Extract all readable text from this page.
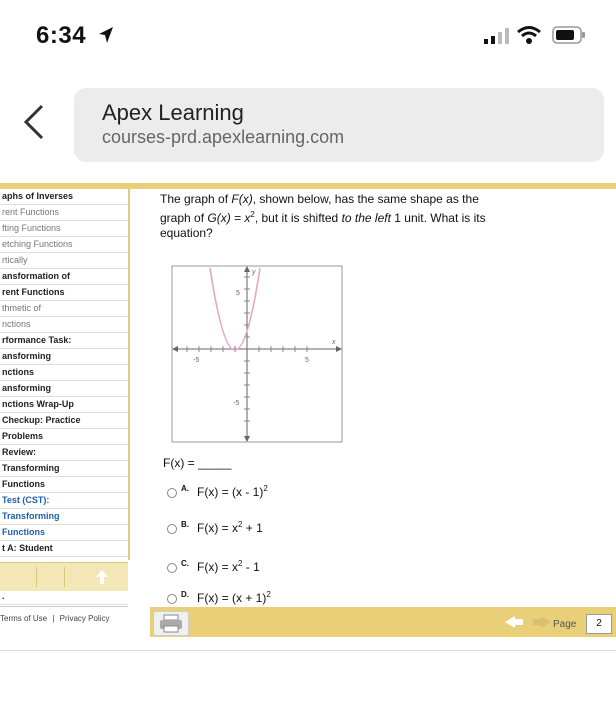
6:34
Apex Learning
courses-prd.apexlearning.com
aphs of Inverses
rent Functions
fting Functions
etching Functions
rtically
ansformation of
rent Functions
thmetic of
nctions
rformance Task:
ansforming
nctions
ansforming
nctions Wrap-Up
Checkup: Practice
Problems
Review:
Transforming
Functions
Test (CST):
Transforming
Functions
t A: Student
.
Terms of Use | Privacy Policy
The graph of F(x), shown below, has the same shape as the graph of $G(x) = x^2$, but it is shifted to the left 1 unit. What is its equation?
y
x
5
-5
-5	5
F(x) = _____
$^{A.}$ F(x) = (x - 1)$^2$
$^{B.}$ $F(x) = x^2 + 1$
$^{C.}$ $F(x) = x^2 - 1$
$^{D.}$ $F(x) = (x + 1)^2$
Page	2
